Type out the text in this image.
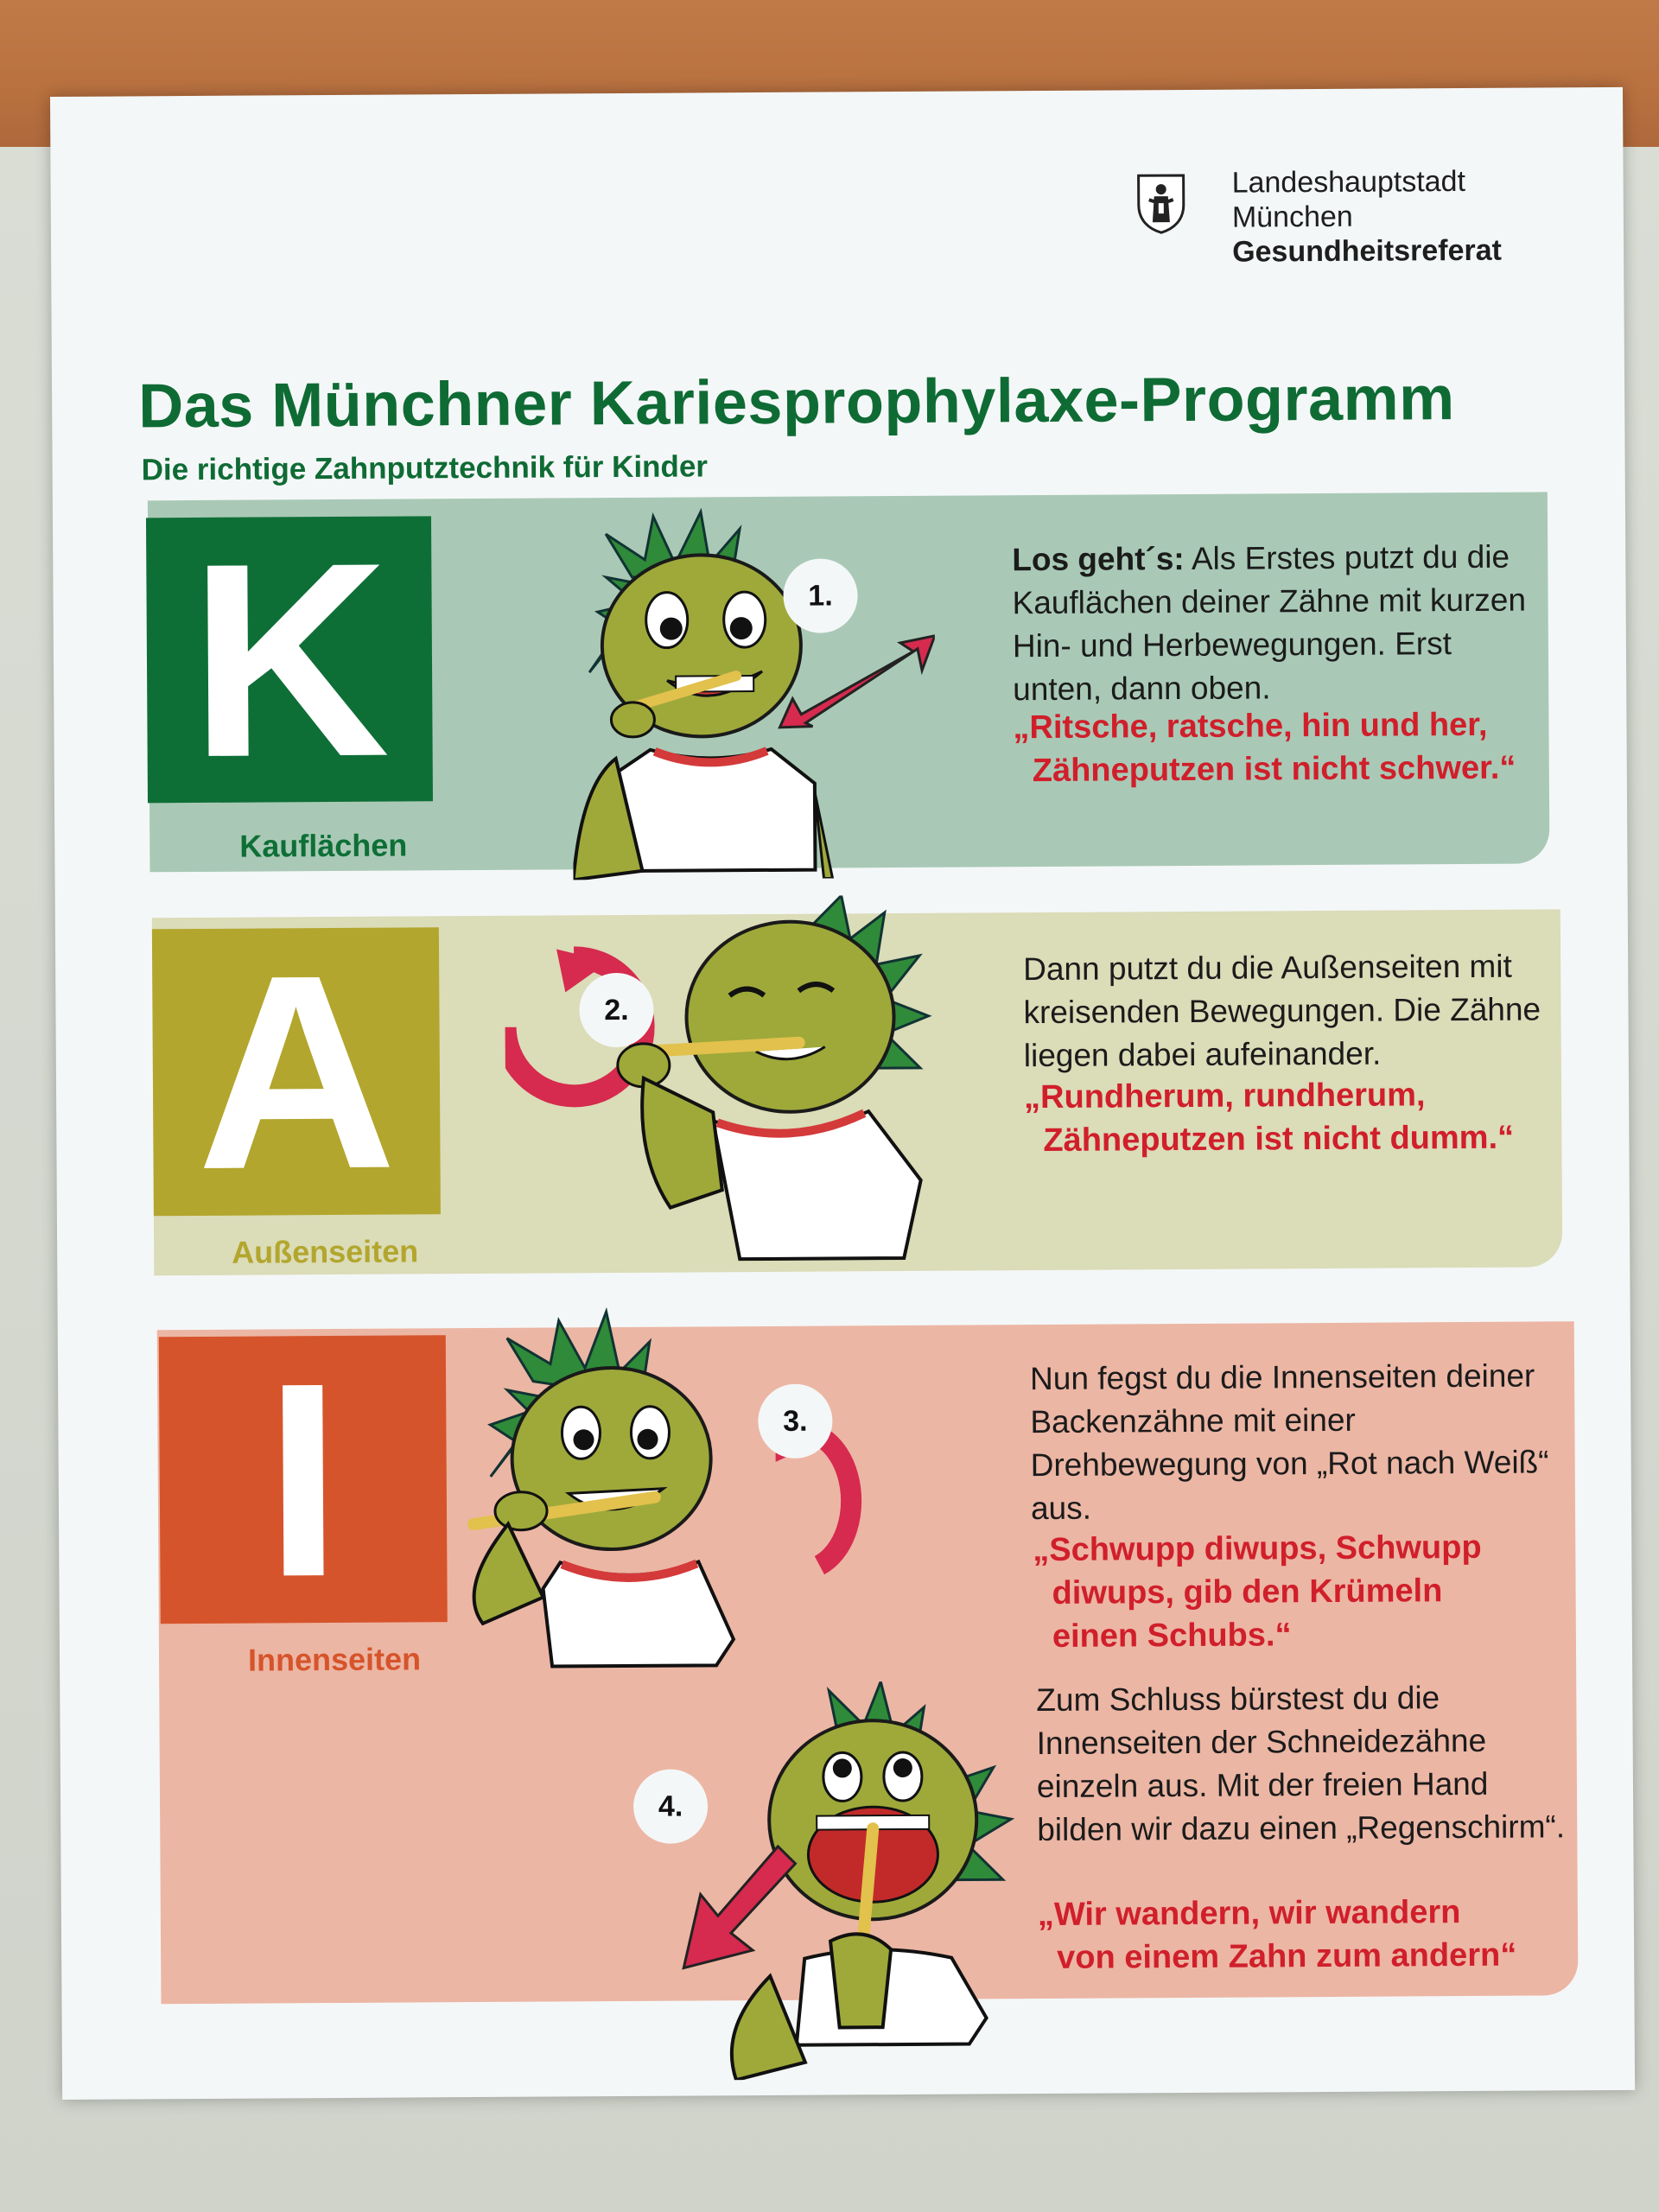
Landeshauptstadt
München
Gesundheitsreferat
Das Münchner Kariesprophylaxe-Programm
Die richtige Zahnputztechnik für Kinder
K
Kauflächen
A
Außenseiten
I
Innenseiten
1.
2.
3.
4.
Los geht´s: Als Erstes putzt du die Kauflächen deiner Zähne mit kurzen Hin- und Herbewegungen. Erst unten, dann oben.
„Ritsche, ratsche, hin und her,
Zähneputzen ist nicht schwer.“
Dann putzt du die Außenseiten mit kreisenden Bewegungen. Die Zähne liegen dabei aufeinander.
„Rundherum, rundherum,
Zähneputzen ist nicht dumm.“
Nun fegst du die Innenseiten deiner Backenzähne mit einer Drehbewegung von „Rot nach Weiß“ aus.
„Schwupp diwups, Schwupp
diwups, gib den Krümeln
einen Schubs.“
Zum Schluss bürstest du die Innenseiten der Schneidezähne einzeln aus. Mit der freien Hand bilden wir dazu einen „Regenschirm“.
„Wir wandern, wir wandern
von einem Zahn zum andern“
